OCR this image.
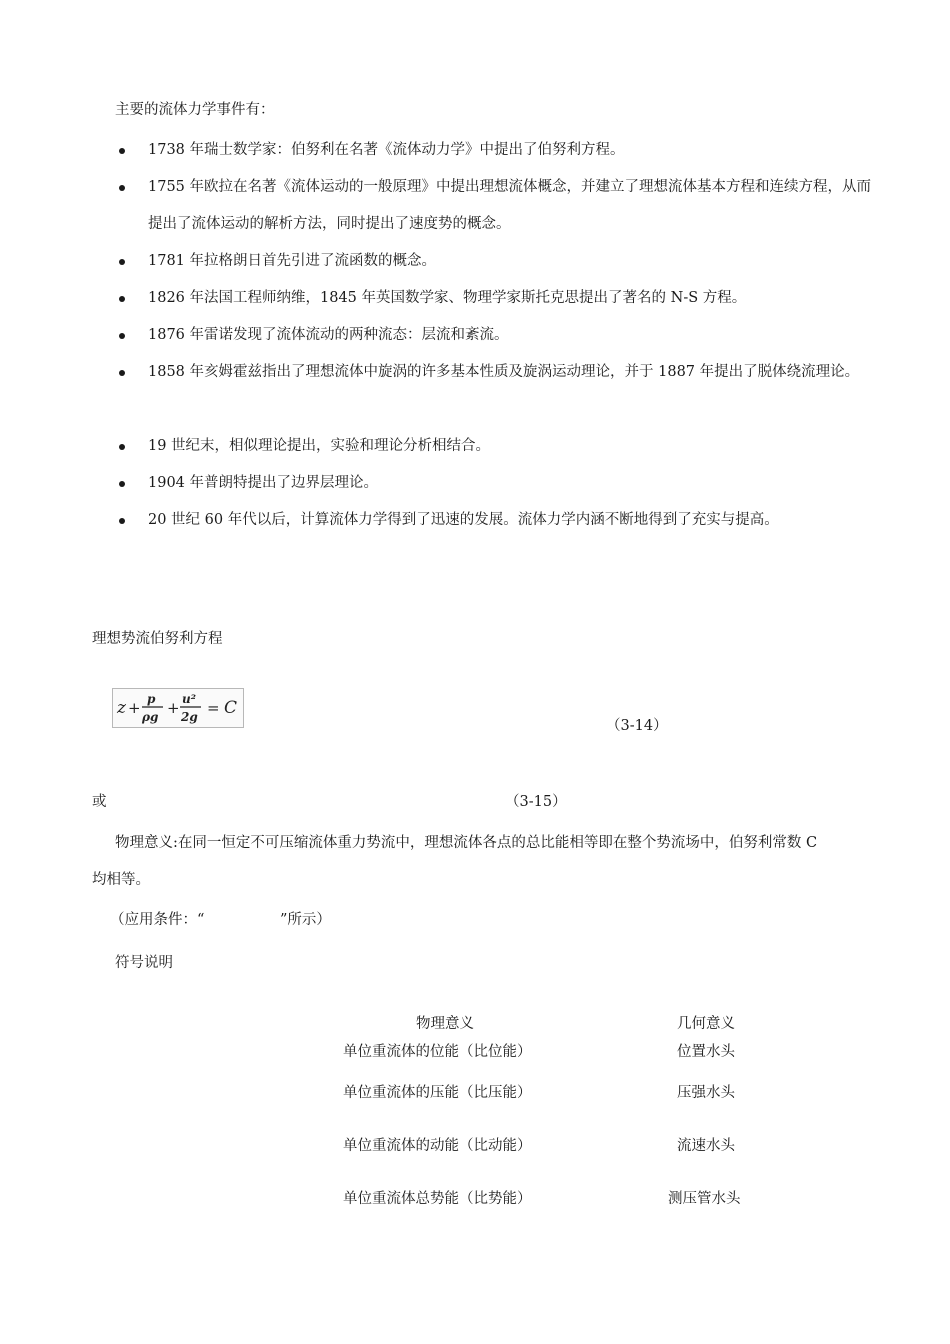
主要的流体力学事件有：
1738 年瑞士数学家：伯努利在名著《流体动力学》中提出了伯努利方程。
1755 年欧拉在名著《流体运动的一般原理》中提出理想流体概念，并建立了理想流体基本方程和连续方程，从而提出了流体运动的解析方法，同时提出了速度势的概念。
1781 年拉格朗日首先引进了流函数的概念。
1826 年法国工程师纳维，1845 年英国数学家、物理学家斯托克思提出了著名的 N-S 方程。
1876 年雷诺发现了流体流动的两种流态：层流和紊流。
1858 年亥姆霍兹指出了理想流体中旋涡的许多基本性质及旋涡运动理论，并于 1887 年提出了脱体绕流理论。
19 世纪末，相似理论提出，实验和理论分析相结合。
1904 年普朗特提出了边界层理论。
20 世纪 60 年代以后，计算流体力学得到了迅速的发展。流体力学内涵不断地得到了充实与提高。
理想势流伯努利方程
z + p
ρg + u²
2g = C
（3-14）
或	（3-15）
物理意义:在同一恒定不可压缩流体重力势流中，理想流体各点的总比能相等即在整个势流场中，伯努利常数 C
均相等。
（应用条件：“	”所示）
符号说明
物理意义	几何意义
单位重流体的位能（比位能）	位置水头
单位重流体的压能（比压能）	压强水头
单位重流体的动能（比动能）	流速水头
单位重流体总势能（比势能）	测压管水头
